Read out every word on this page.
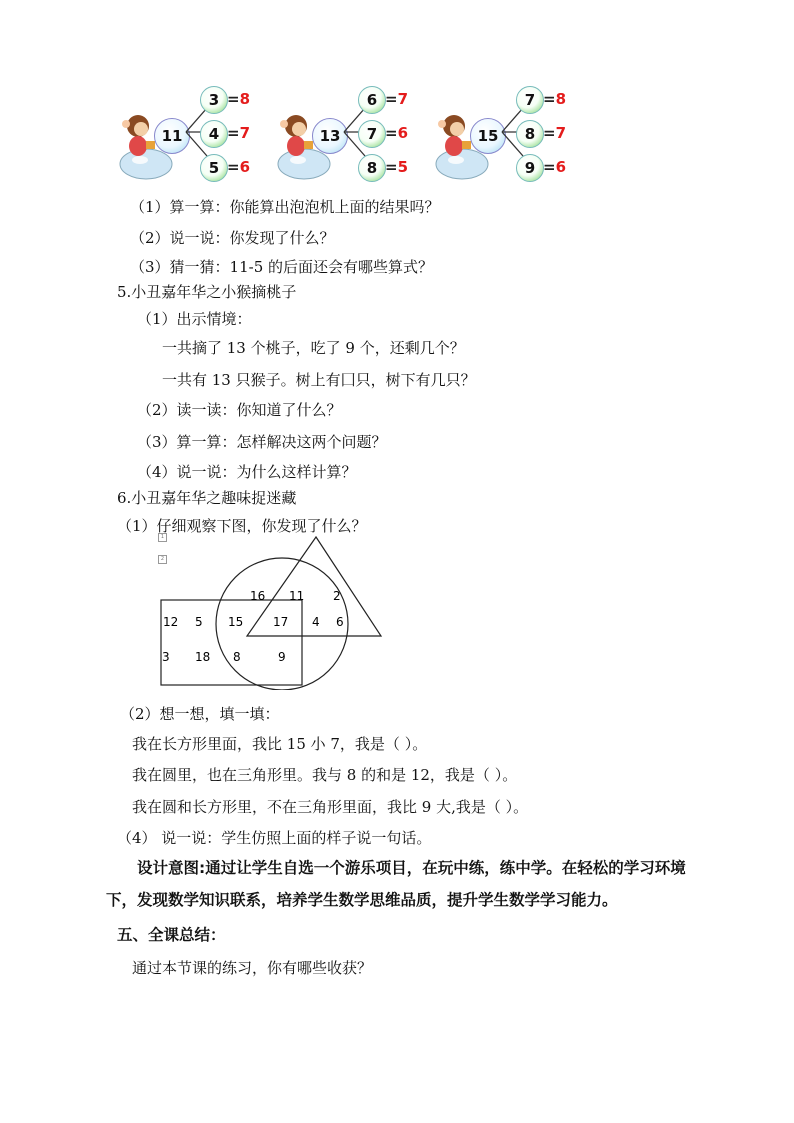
11
3 =8
4 =7
5 =6
13
6 =7
7 =6
8 =5
15
7 =8
8 =7
9 =6
（1）算一算：你能算出泡泡机上面的结果吗？
（2）说一说：你发现了什么？
（3）猜一猜：11-5 的后面还会有哪些算式？
5.小丑嘉年华之小猴摘桃子
（1）出示情境：
一共摘了 13 个桃子，吃了 9 个，还剩几个？
一共有 13 只猴子。树上有囗只，树下有几只？
（2）读一读：你知道了什么？
（3）算一算：怎样解决这两个问题？
（4）说一说：为什么这样计算？
6.小丑嘉年华之趣味捉迷藏
（1）仔细观察下图，你发现了什么？
1
2
16 11 2
12 5 15 17 4 6
3 18 8	9
（2）想一想，填一填：
我在长方形里面，我比 15 小 7，我是（ ）。
我在圆里，也在三角形里。我与 8 的和是 12，我是（ ）。
我在圆和长方形里，不在三角形里面，我比 9 大,我是（ ）。
（4） 说一说：学生仿照上面的样子说一句话。
设计意图:通过让学生自选一个游乐项目，在玩中练，练中学。在轻松的学习环境
下，发现数学知识联系，培养学生数学思维品质，提升学生数学学习能力。
五、全课总结：
通过本节课的练习，你有哪些收获？
